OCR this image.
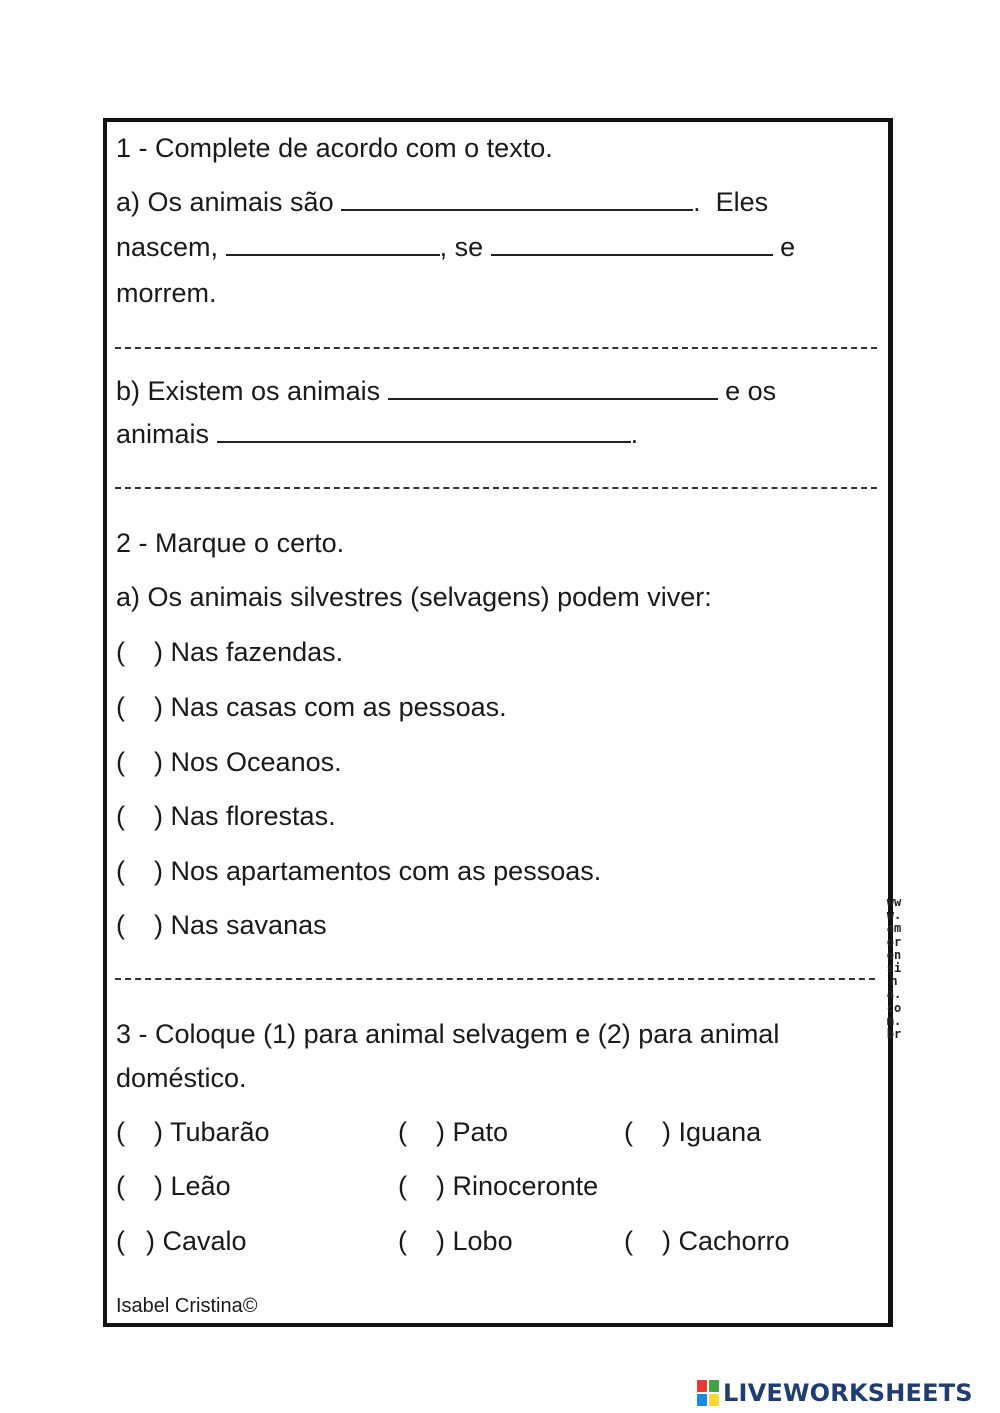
1 - Complete de acordo com o texto.
a) Os animais são	.  Eles
nascem,	, se	e
morrem.
b) Existem os animais	e os
animais	.
2 - Marque o certo.
a) Os animais silvestres (selvagens) podem viver:
( ) Nas fazendas.
( ) Nas casas com as pessoas.
( ) Nos Oceanos.
( ) Nas florestas.
( ) Nos apartamentos com as pessoas.
( ) Nas savanas
3 - Coloque (1) para animal selvagem e (2) para animal
doméstico.
( ) Tubarão	( ) Pato	( ) Iguana
( ) Leão	( ) Rinoceronte
( ) Cavalo	( ) Lobo	( ) Cachorro
Isabel Cristina©
www.amorensina.com.br
LIVEWORKSHEETS
